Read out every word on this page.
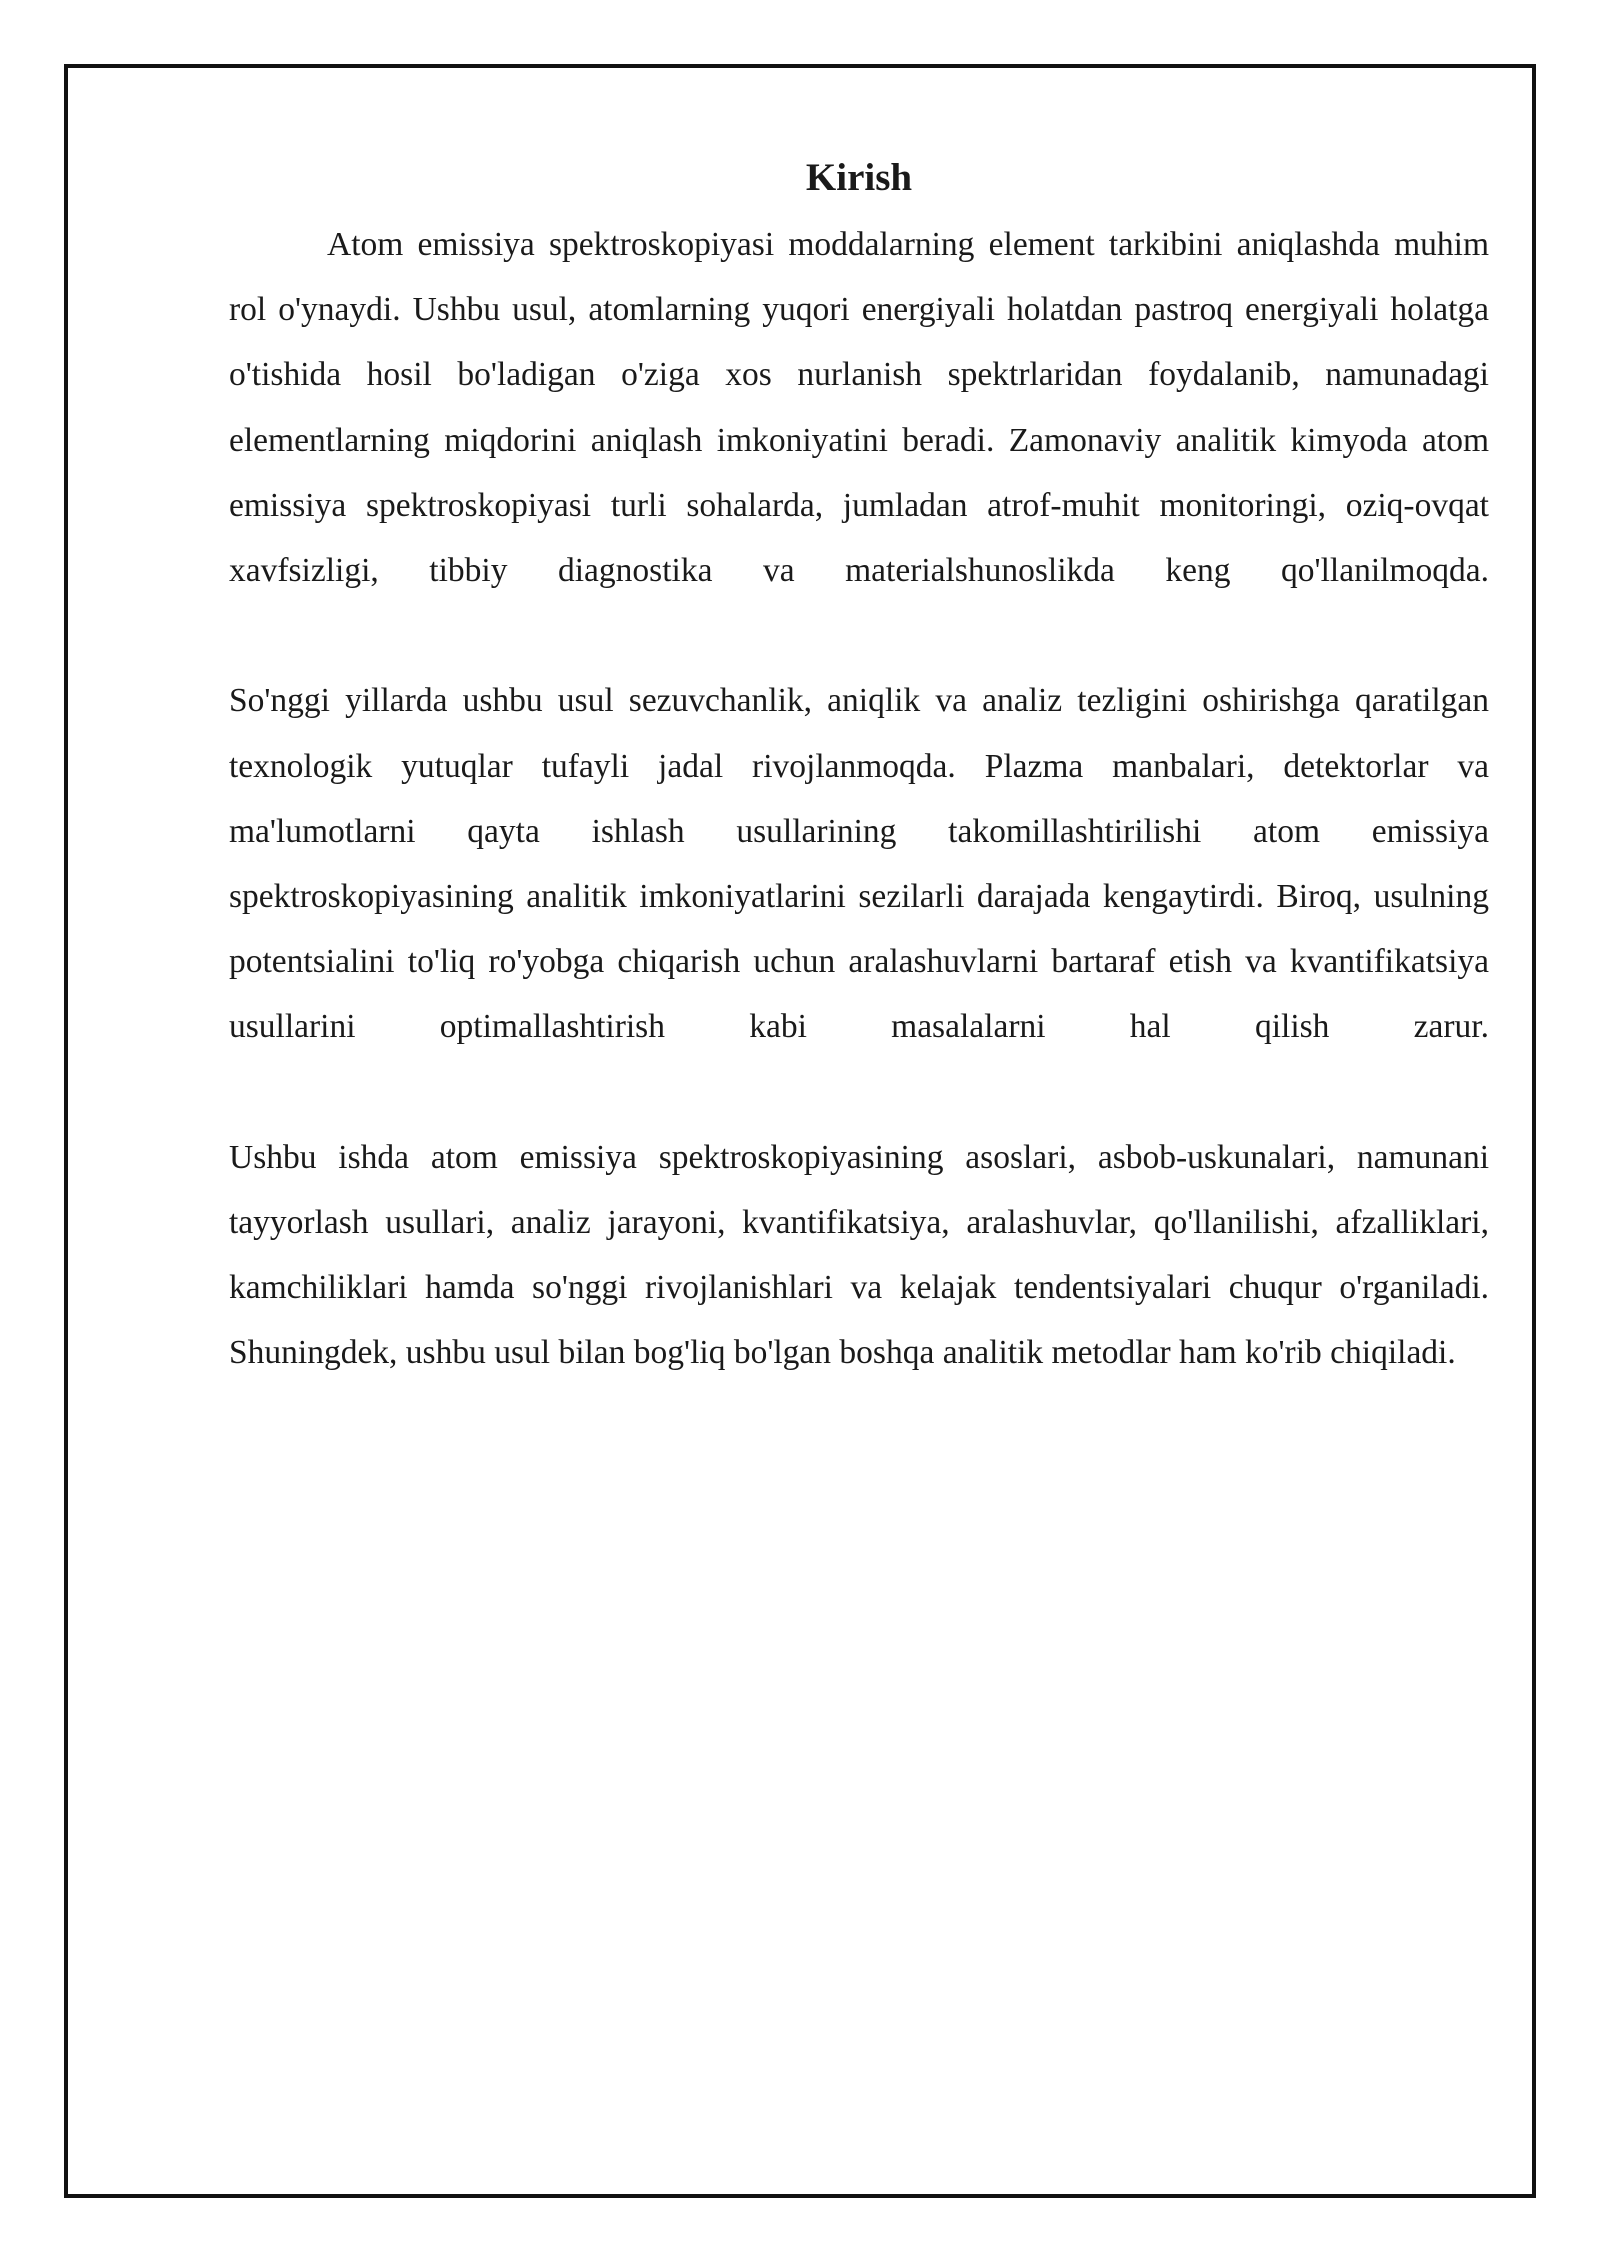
Kirish

Atom emissiya spektroskopiyasi moddalarning element tarkibini aniqlashda muhim rol o'ynaydi. Ushbu usul, atomlarning yuqori energiyali holatdan pastroq energiyali holatga o'tishida hosil bo'ladigan o'ziga xos nurlanish spektrlaridan foydalanib, namunadagi elementlarning miqdorini aniqlash imkoniyatini beradi. Zamonaviy analitik kimyoda atom emissiya spektroskopiyasi turli sohalarda, jumladan atrof-muhit monitoringi, oziq-ovqat xavfsizligi, tibbiy diagnostika va materialshunoslikda keng qo'llanilmoqda.

So'nggi yillarda ushbu usul sezuvchanlik, aniqlik va analiz tezligini oshirishga qaratilgan texnologik yutuqlar tufayli jadal rivojlanmoqda. Plazma manbalari, detektorlar va ma'lumotlarni qayta ishlash usullarining takomillashtirilishi atom emissiya spektroskopiyasining analitik imkoniyatlarini sezilarli darajada kengaytirdi. Biroq, usulning potentsialini to'liq ro'yobga chiqarish uchun aralashuvlarni bartaraf etish va kvantifikatsiya usullarini optimallashtirish kabi masalalarni hal qilish zarur.

Ushbu ishda atom emissiya spektroskopiyasining asoslari, asbob-uskunalari, namunani tayyorlash usullari, analiz jarayoni, kvantifikatsiya, aralashuvlar, qo'llanilishi, afzalliklari, kamchiliklari hamda so'nggi rivojlanishlari va kelajak tendentsiyalari chuqur o'rganiladi. Shuningdek, ushbu usul bilan bog'liq bo'lgan boshqa analitik metodlar ham ko'rib chiqiladi.
